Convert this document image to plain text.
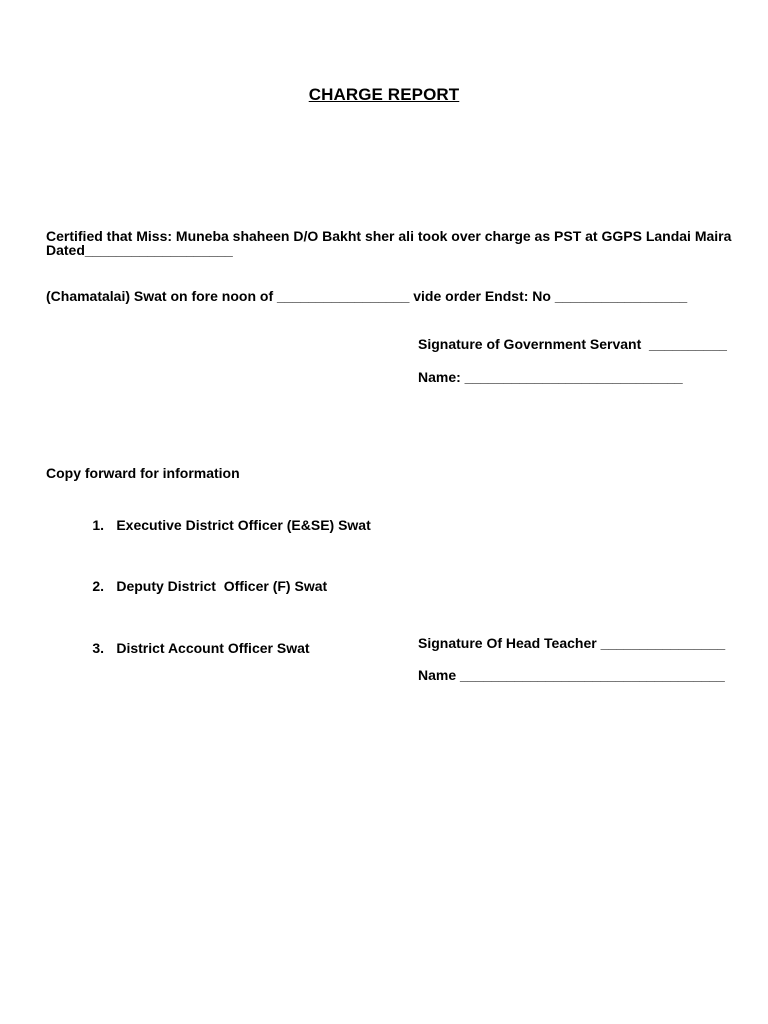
CHARGE REPORT

Certified that Miss: Muneba shaheen D/O Bakht sher ali took over charge as PST at GGPS Landai Maira

(Chamatalai) Swat on fore noon of _________________ vide order Endst: No _________________

Dated___________________
Signature of Government Servant  __________
Name: ____________________________
Copy forward for information

1. Executive District Officer (E&SE) Swat

2. Deputy District  Officer (F) Swat

3. District Account Officer Swat
	Signature Of Head Teacher ________________
Name __________________________________
